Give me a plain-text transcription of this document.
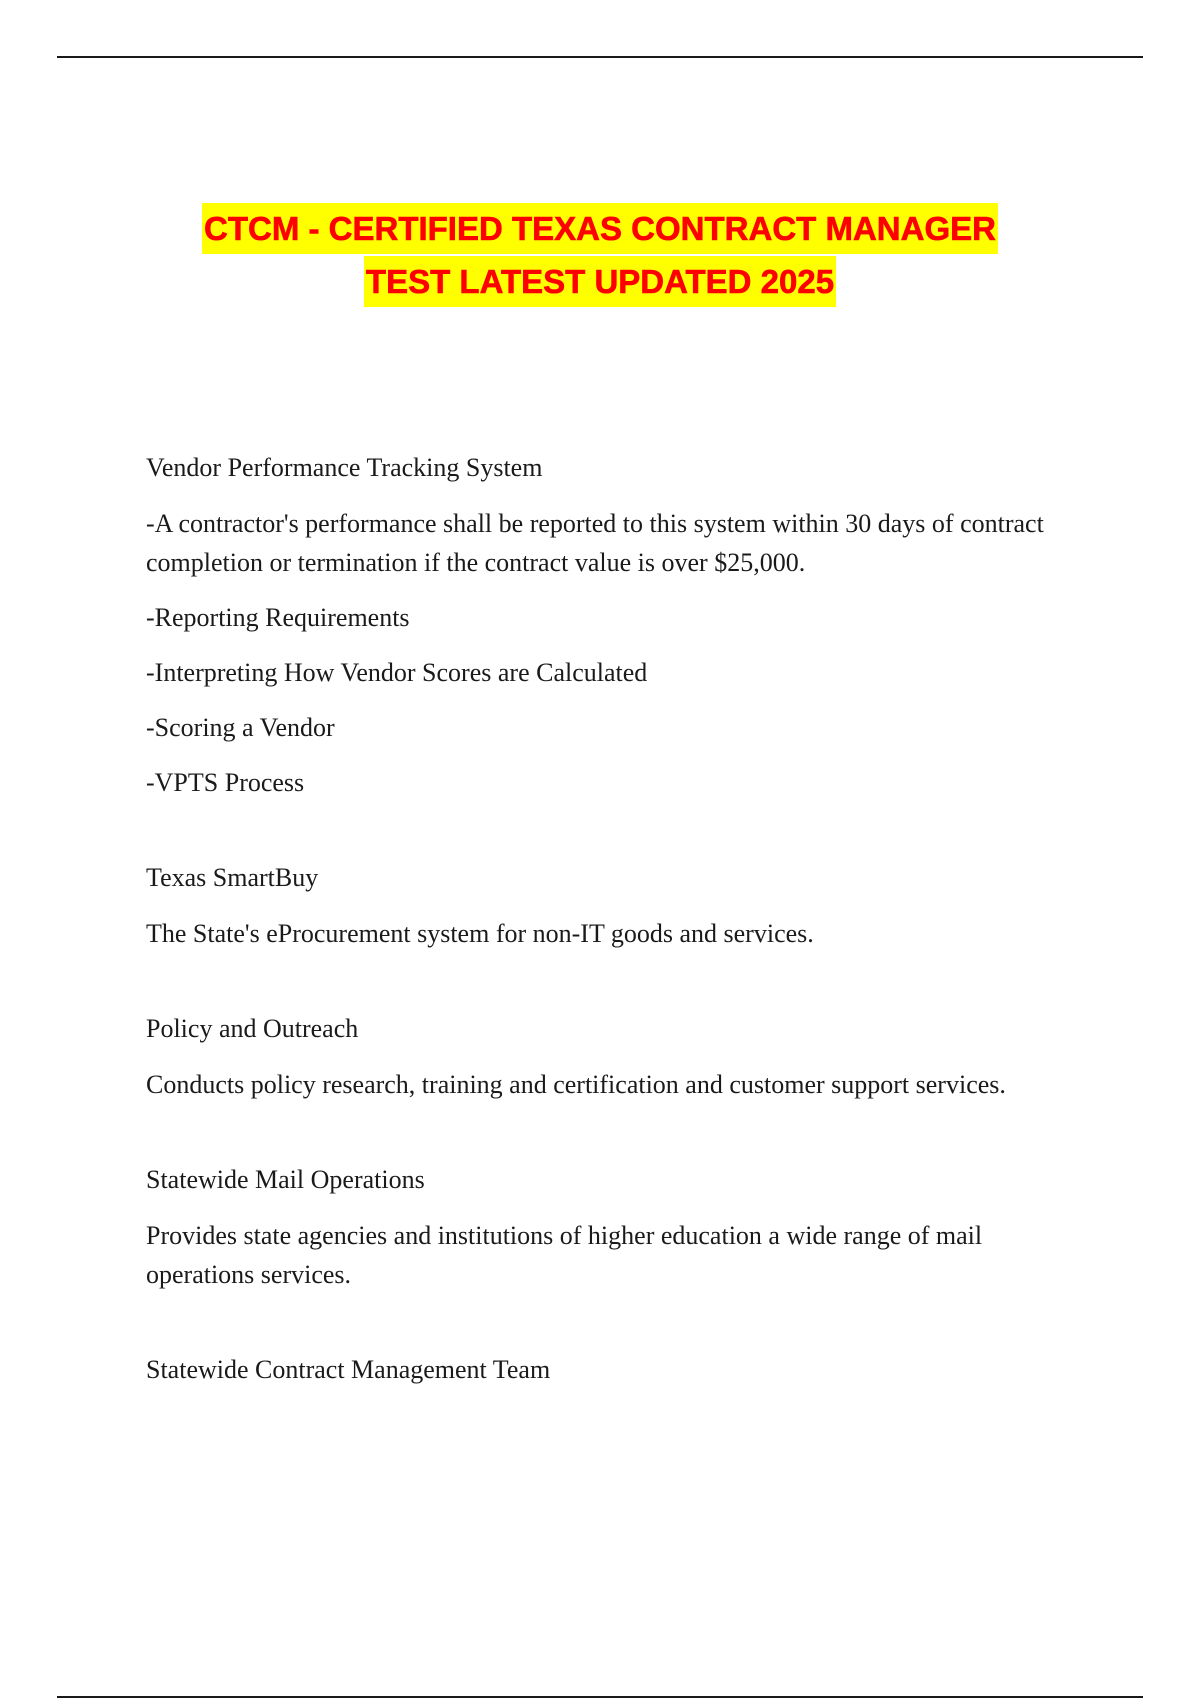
CTCM - CERTIFIED TEXAS CONTRACT MANAGER
TEST LATEST UPDATED 2025

Vendor Performance Tracking System

-A contractor's performance shall be reported to this system within 30 days of contract completion or termination if the contract value is over $25,000.

-Reporting Requirements

-Interpreting How Vendor Scores are Calculated

-Scoring a Vendor

-VPTS Process

Texas SmartBuy

The State's eProcurement system for non-IT goods and services.

Policy and Outreach

Conducts policy research, training and certification and customer support services.

Statewide Mail Operations

Provides state agencies and institutions of higher education a wide range of mail operations services.

Statewide Contract Management Team
